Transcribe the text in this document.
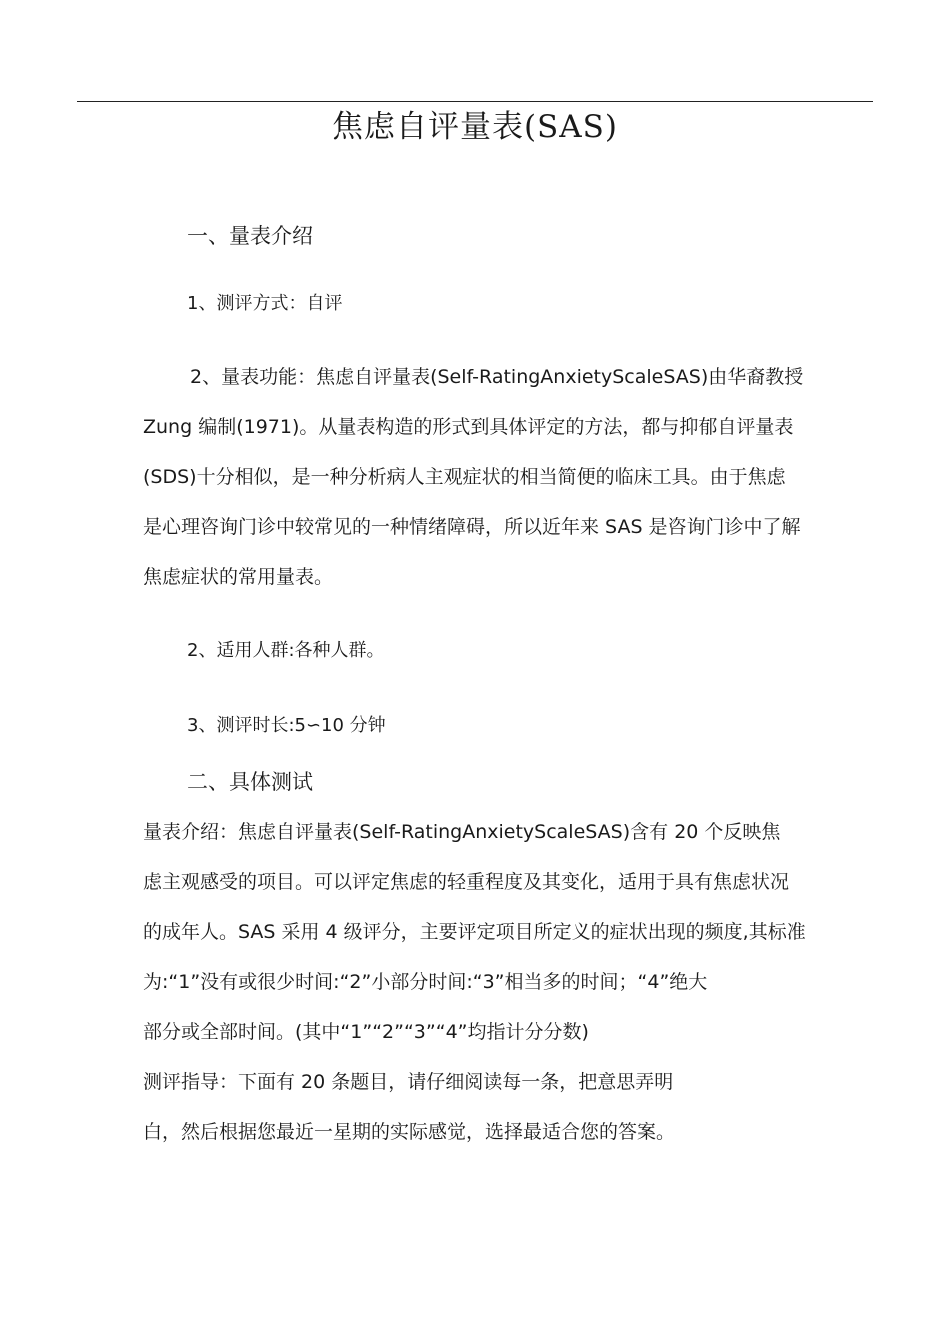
焦虑自评量表(SAS)
一、量表介绍
1、测评方式：自评
2、量表功能：焦虑自评量表(Self-RatingAnxietyScaleSAS)由华裔教授
Zung 编制(1971)。从量表构造的形式到具体评定的方法，都与抑郁自评量表
(SDS)十分相似，是一种分析病人主观症状的相当简便的临床工具。由于焦虑
是心理咨询门诊中较常见的一种情绪障碍，所以近年来 SAS 是咨询门诊中了解
焦虑症状的常用量表。
2、适用人群:各种人群。
3、测评时长:5∽10 分钟
二、具体测试
量表介绍：焦虑自评量表(Self-RatingAnxietyScaleSAS)含有 20 个反映焦
虑主观感受的项目。可以评定焦虑的轻重程度及其变化，适用于具有焦虑状况
的成年人。SAS 采用 4 级评分，主要评定项目所定义的症状出现的频度,其标准
为:“1”没有或很少时间:“2”小部分时间:“3”相当多的时间；“4”绝大
部分或全部时间。(其中“1”“2”“3”“4”均指计分分数)
测评指导：下面有 20 条题目，请仔细阅读每一条，把意思弄明
白，然后根据您最近一星期的实际感觉，选择最适合您的答案。
